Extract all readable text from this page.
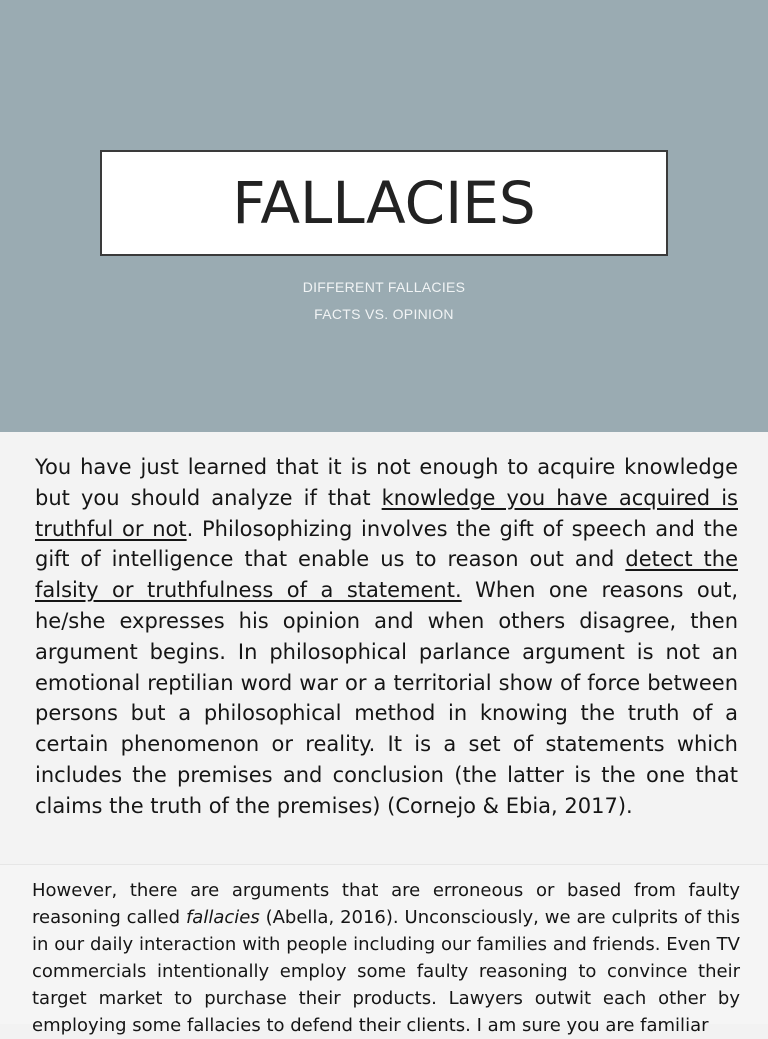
FALLACIES
DIFFERENT FALLACIES
FACTS VS. OPINION

You have just learned that it is not enough to acquire knowledge but you should analyze if that knowledge you have acquired is truthful or not. Philosophizing involves the gift of speech and the gift of intelligence that enable us to reason out and detect the falsity or truthfulness of a statement. When one reasons out, he/she expresses his opinion and when others disagree, then argument begins. In philosophical parlance argument is not an emotional reptilian word war or a territorial show of force between persons but a philosophical method in knowing the truth of a certain phenomenon or reality. It is a set of statements which includes the premises and conclusion (the latter is the one that claims the truth of the premises) (Cornejo & Ebia, 2017).

However, there are arguments that are erroneous or based from faulty reasoning called fallacies (Abella, 2016). Unconsciously, we are culprits of this in our daily interaction with people including our families and friends. Even TV commercials intentionally employ some faulty reasoning to convince their target market to purchase their products. Lawyers outwit each other by employing some fallacies to defend their clients. I am sure you are familiar
